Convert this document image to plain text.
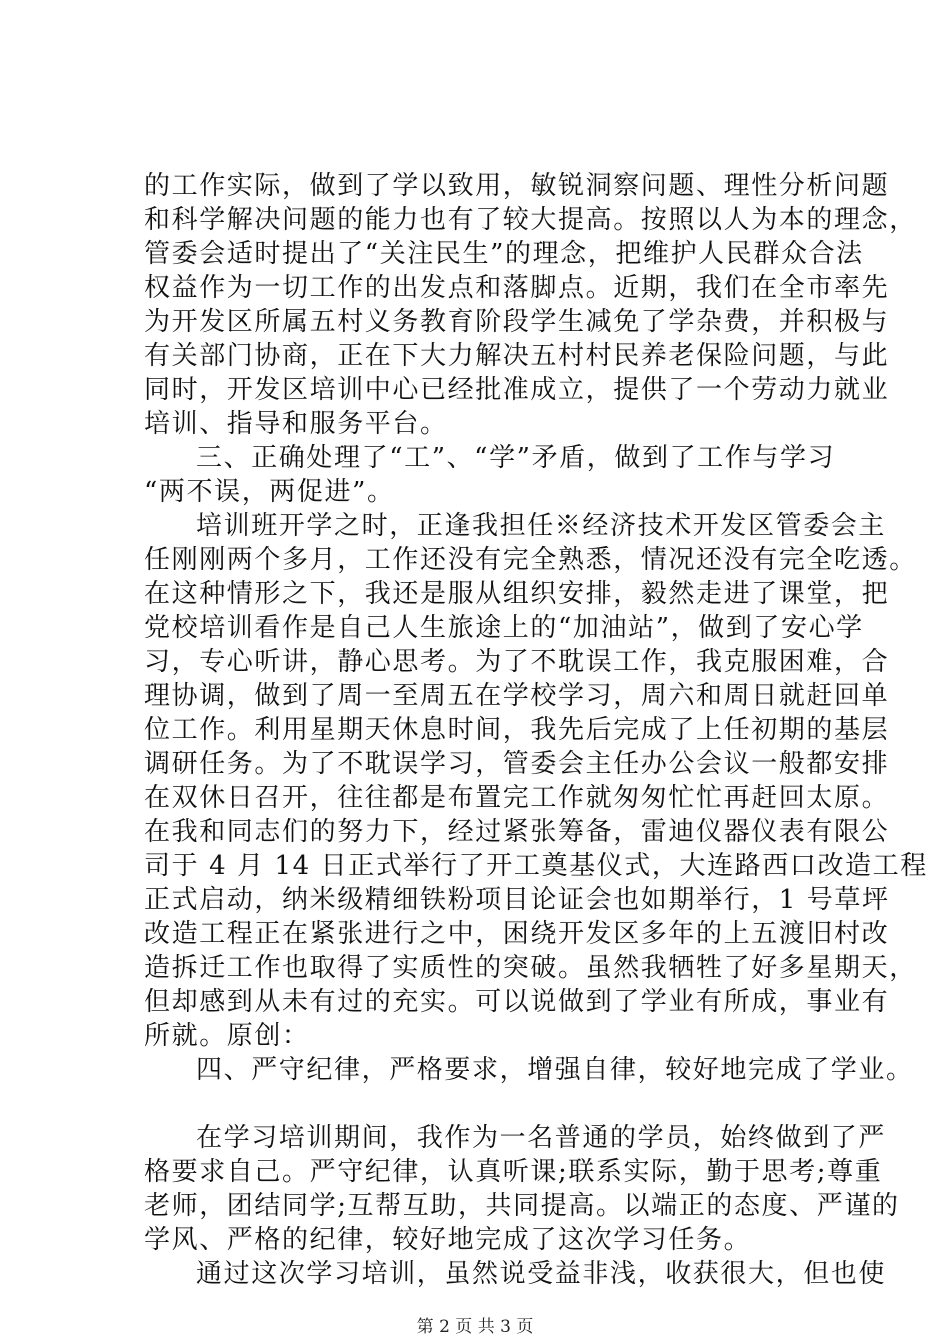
的工作实际，做到了学以致用，敏锐洞察问题、理性分析问题
和科学解决问题的能力也有了较大提高。按照以人为本的理念，
管委会适时提出了“关注民生”的理念，把维护人民群众合法
权益作为一切工作的出发点和落脚点。近期，我们在全市率先
为开发区所属五村义务教育阶段学生减免了学杂费，并积极与
有关部门协商，正在下大力解决五村村民养老保险问题，与此
同时，开发区培训中心已经批准成立，提供了一个劳动力就业
培训、指导和服务平台。
三、正确处理了“工”、“学”矛盾，做到了工作与学习
“两不误，两促进”。
培训班开学之时，正逢我担任※经济技术开发区管委会主
任刚刚两个多月，工作还没有完全熟悉，情况还没有完全吃透。
在这种情形之下，我还是服从组织安排，毅然走进了课堂，把
党校培训看作是自己人生旅途上的“加油站”，做到了安心学
习，专心听讲，静心思考。为了不耽误工作，我克服困难，合
理协调，做到了周一至周五在学校学习，周六和周日就赶回单
位工作。利用星期天休息时间，我先后完成了上任初期的基层
调研任务。为了不耽误学习，管委会主任办公会议一般都安排
在双休日召开，往往都是布置完工作就匆匆忙忙再赶回太原。
在我和同志们的努力下，经过紧张筹备，雷迪仪器仪表有限公
司于 4 月 14 日正式举行了开工奠基仪式，大连路西口改造工程
正式启动，纳米级精细铁粉项目论证会也如期举行，1 号草坪
改造工程正在紧张进行之中，困绕开发区多年的上五渡旧村改
造拆迁工作也取得了实质性的突破。虽然我牺牲了好多星期天，
但却感到从未有过的充实。可以说做到了学业有所成，事业有
所就。原创：
四、严守纪律，严格要求，增强自律，较好地完成了学业。
在学习培训期间，我作为一名普通的学员，始终做到了严
格要求自己。严守纪律，认真听课;联系实际，勤于思考;尊重
老师，团结同学;互帮互助，共同提高。以端正的态度、严谨的
学风、严格的纪律，较好地完成了这次学习任务。
通过这次学习培训，虽然说受益非浅，收获很大，但也使
第 2 页 共 3 页
